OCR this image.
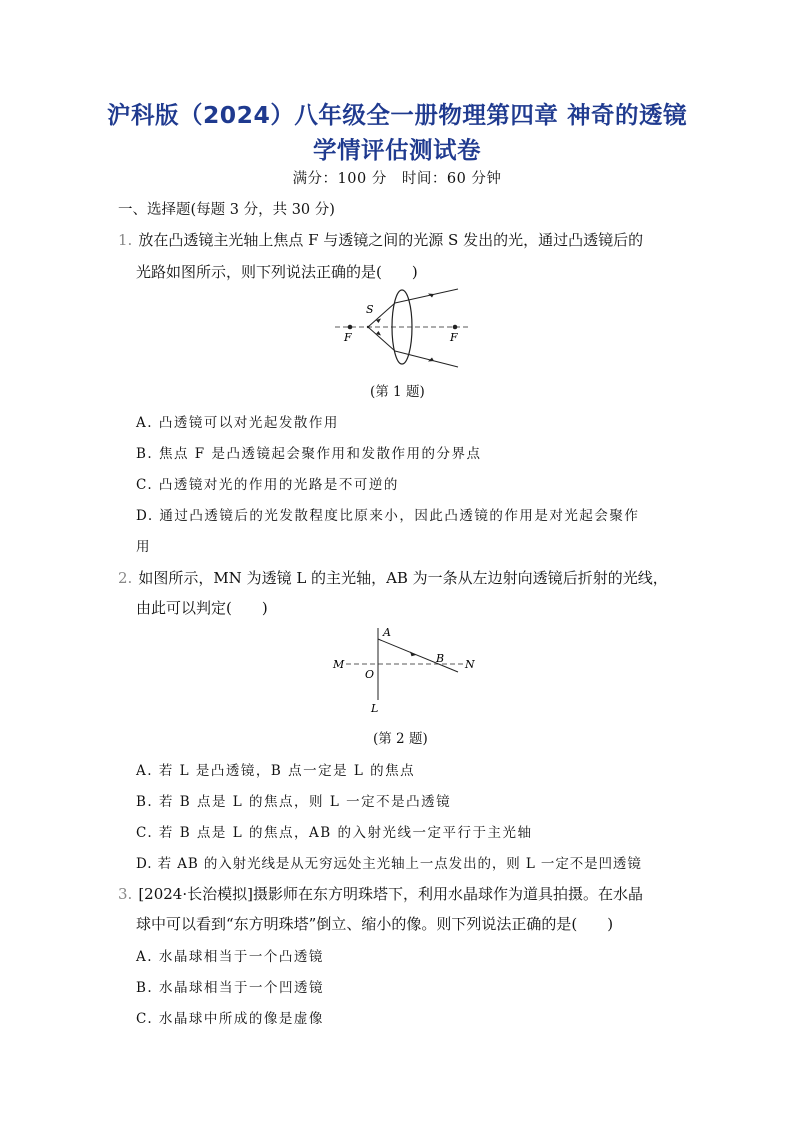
沪科版（2024）八年级全一册物理第四章 神奇的透镜 学情评估测试卷
满分：100 分　时间：60 分钟
一、选择题(每题 3 分，共 30 分)
1. 放在凸透镜主光轴上焦点 F 与透镜之间的光源 S 发出的光，通过凸透镜后的
光路如图所示，则下列说法正确的是(　　)
S
F	F
(第 1 题)
A. 凸透镜可以对光起发散作用
B. 焦点 F 是凸透镜起会聚作用和发散作用的分界点
C. 凸透镜对光的作用的光路是不可逆的
D. 通过凸透镜后的光发散程度比原来小，因此凸透镜的作用是对光起会聚作
用
2. 如图所示，MN 为透镜 L 的主光轴，AB 为一条从左边射向透镜后折射的光线，
由此可以判定(　　)
A
B
M	N
O
L
(第 2 题)
A. 若 L 是凸透镜，B 点一定是 L 的焦点
B. 若 B 点是 L 的焦点，则 L 一定不是凸透镜
C. 若 B 点是 L 的焦点，AB 的入射光线一定平行于主光轴
D. 若 AB 的入射光线是从无穷远处主光轴上一点发出的，则 L 一定不是凹透镜
3. [2024·长治模拟]摄影师在东方明珠塔下，利用水晶球作为道具拍摄。在水晶
球中可以看到“东方明珠塔”倒立、缩小的像。则下列说法正确的是(　　)
A. 水晶球相当于一个凸透镜
B. 水晶球相当于一个凹透镜
C. 水晶球中所成的像是虚像
